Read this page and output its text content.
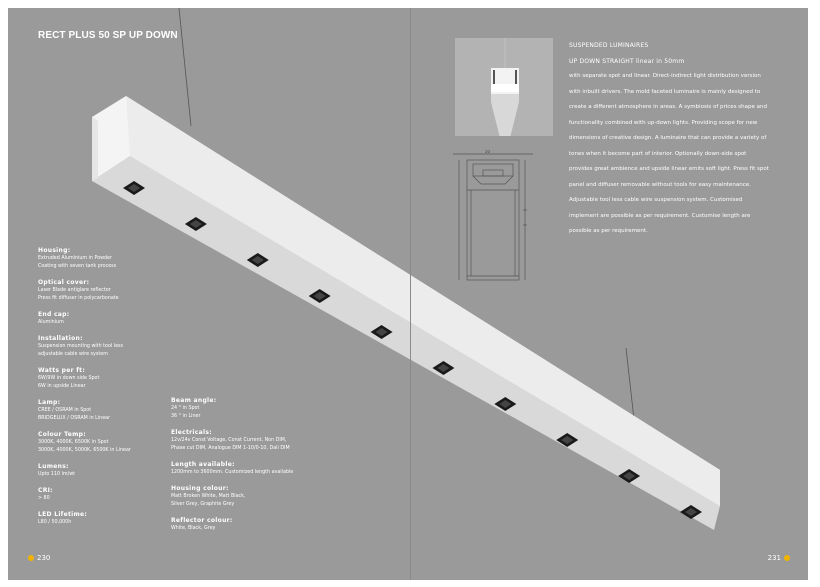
RECT PLUS 50 SP UP DOWN
Housing:
Extruded Aluminium in Powder
Coating with seven tank process
Optical cover:
Laser Blade antiglare reflector
Press fit diffuser in polycarbonate
End cap:
Aluminium
Installation:
Suspension mounting with tool less
adjustable cable wire system
Watts per ft:
6W/9W in down side Spot
6W in upside Linear
Lamp:
CREE / OSRAM in Spot
BRIDGELUX / OSRAM in Linear
Colour Temp:
3000K, 4000K, 6500K in Spot
3000K, 4000K, 5000K, 6500K in Linear
Lumens:
Upto 110 lm/wt
CRI:
> 80
LED Lifetime:
L80 / 50,000h
Beam angle:
24 ° in Spot
36 ° in Liner
Electricals:
12v/24v Const Voltage, Const Current, Non DIM,
Phase cut DIM, Analogue DIM 1-10/0-10, Dali DIM
Length available:
1200mm to 3600mm. Customized length available
Housing colour:
Matt Broken White, Matt Black,
Silver Grey, Graphite Grey
Reflector colour:
White, Black, Grey
50
SUSPENDED LUMINAIRES
UP DOWN STRAIGHT linear in 50mm
with separate spot and linear. Direct-indirect light distribution version with inbuilt drivers. The mold faceted luminaire is mainly designed to create a different atmosphere in areas. A symbiosis of prices shape and functionality combined with up-down lights. Providing scope for new dimensions of creative design. A luminaire that can provide a variety of tones when it become part of interior. Optionally down-side spot provides great ambience and upside linear emits soft light. Press fit spot panel and diffuser removable without tools for easy maintenance. Adjustable tool less cable wire suspension system. Customised implement are possible as per requirement. Customise length are possible as per requirement.
230	231
